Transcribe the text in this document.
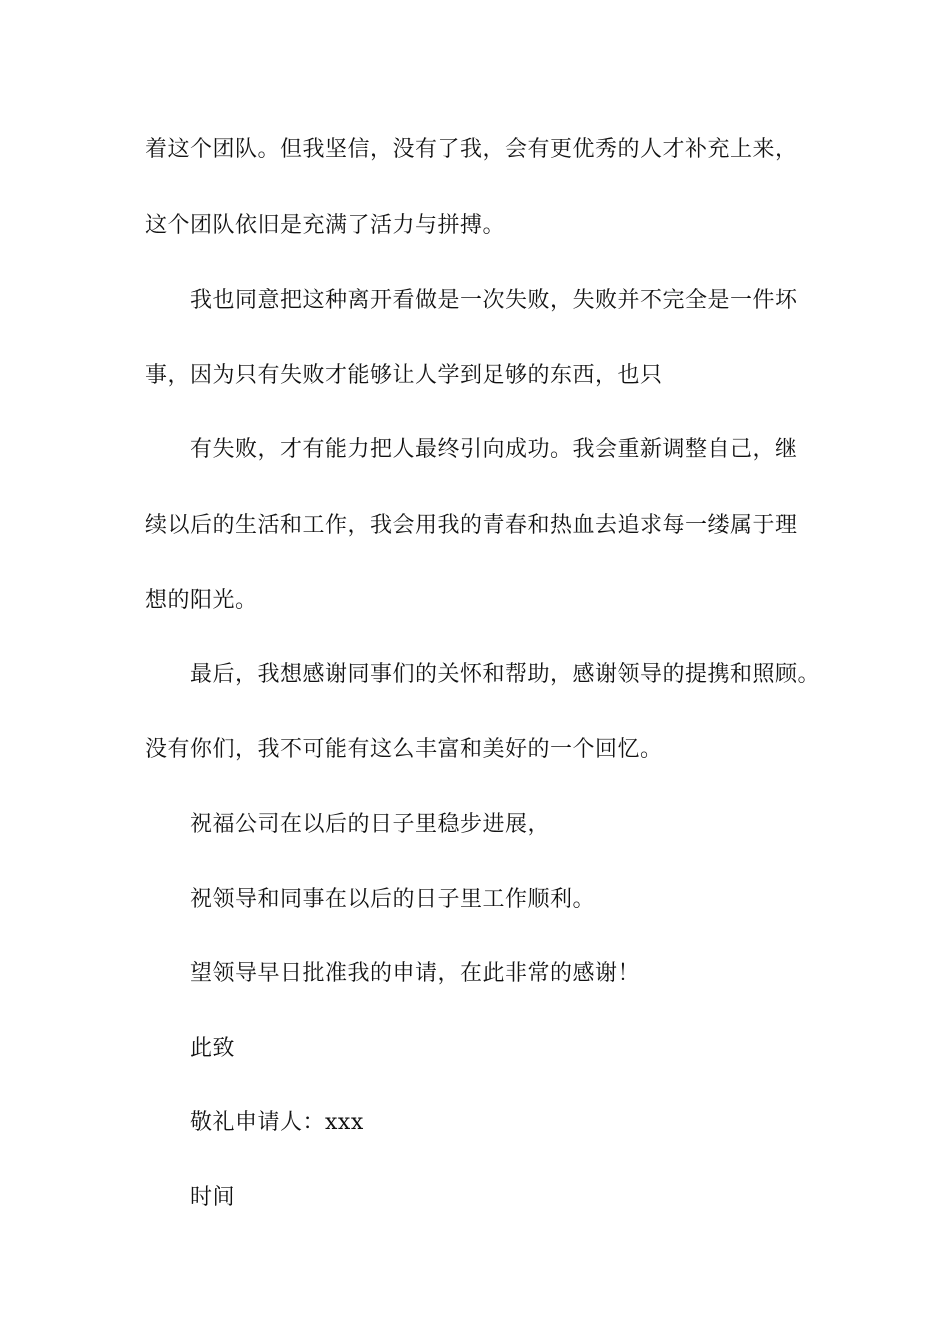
着这个团队。但我坚信，没有了我，会有更优秀的人才补充上来，
这个团队依旧是充满了活力与拼搏。
我也同意把这种离开看做是一次失败，失败并不完全是一件坏
事，因为只有失败才能够让人学到足够的东西，也只
有失败，才有能力把人最终引向成功。我会重新调整自己，继
续以后的生活和工作，我会用我的青春和热血去追求每一缕属于理
想的阳光。
最后，我想感谢同事们的关怀和帮助，感谢领导的提携和照顾。
没有你们，我不可能有这么丰富和美好的一个回忆。
祝福公司在以后的日子里稳步进展，
祝领导和同事在以后的日子里工作顺利。
望领导早日批准我的申请，在此非常的感谢！
此致
敬礼申请人：xxx
时间
